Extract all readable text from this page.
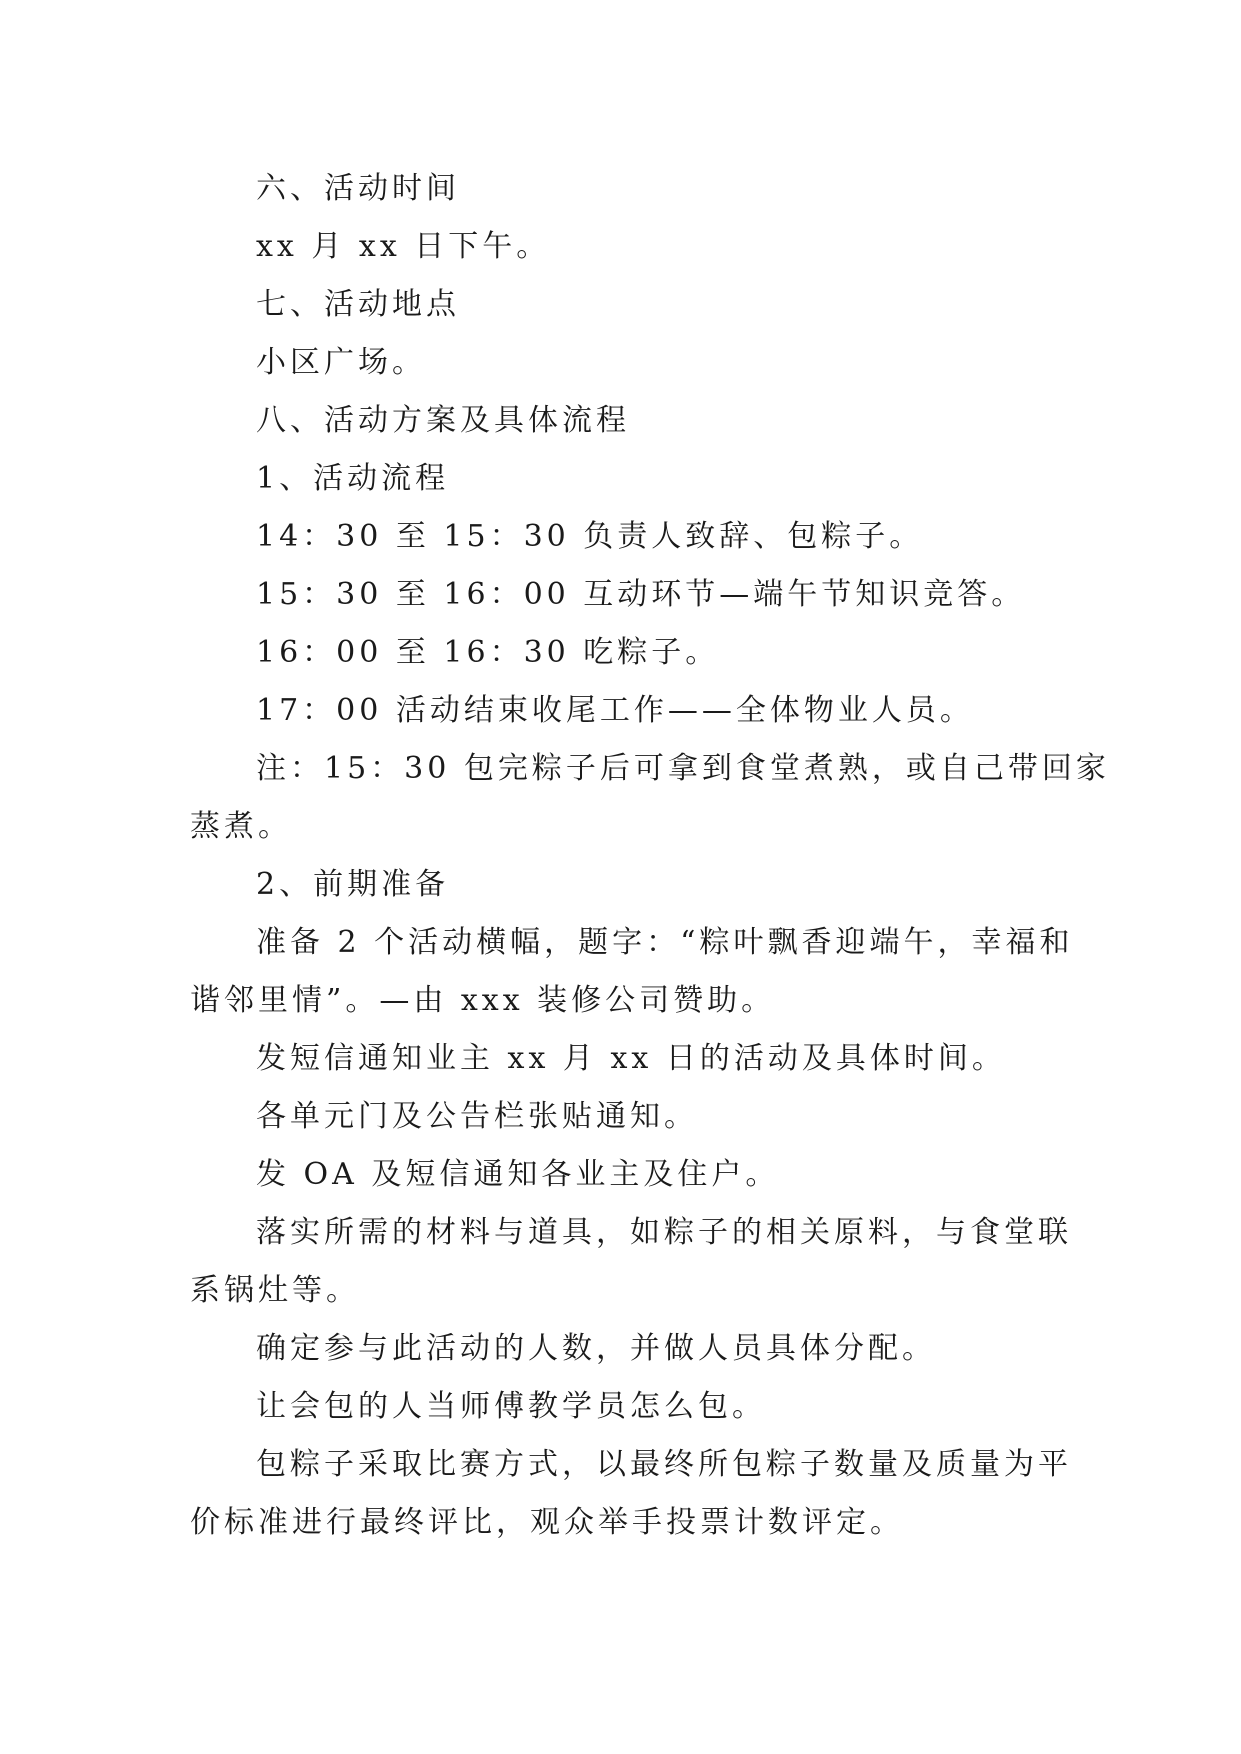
六、活动时间

xx 月 xx 日下午。

七、活动地点

小区广场。

八、活动方案及具体流程

1、活动流程

14：30 至 15：30 负责人致辞、包粽子。

15：30 至 16：00 互动环节—端午节知识竞答。

16：00 至 16：30 吃粽子。

17：00 活动结束收尾工作——全体物业人员。

注：15：30 包完粽子后可拿到食堂煮熟，或自己带回家

蒸煮。

2、前期准备

准备 2 个活动横幅，题字：“粽叶飘香迎端午，幸福和

谐邻里情”。—由 xxx 装修公司赞助。

发短信通知业主 xx 月 xx 日的活动及具体时间。

各单元门及公告栏张贴通知。

发 OA 及短信通知各业主及住户。

落实所需的材料与道具，如粽子的相关原料，与食堂联

系锅灶等。

确定参与此活动的人数，并做人员具体分配。

让会包的人当师傅教学员怎么包。

包粽子采取比赛方式，以最终所包粽子数量及质量为平

价标准进行最终评比，观众举手投票计数评定。
